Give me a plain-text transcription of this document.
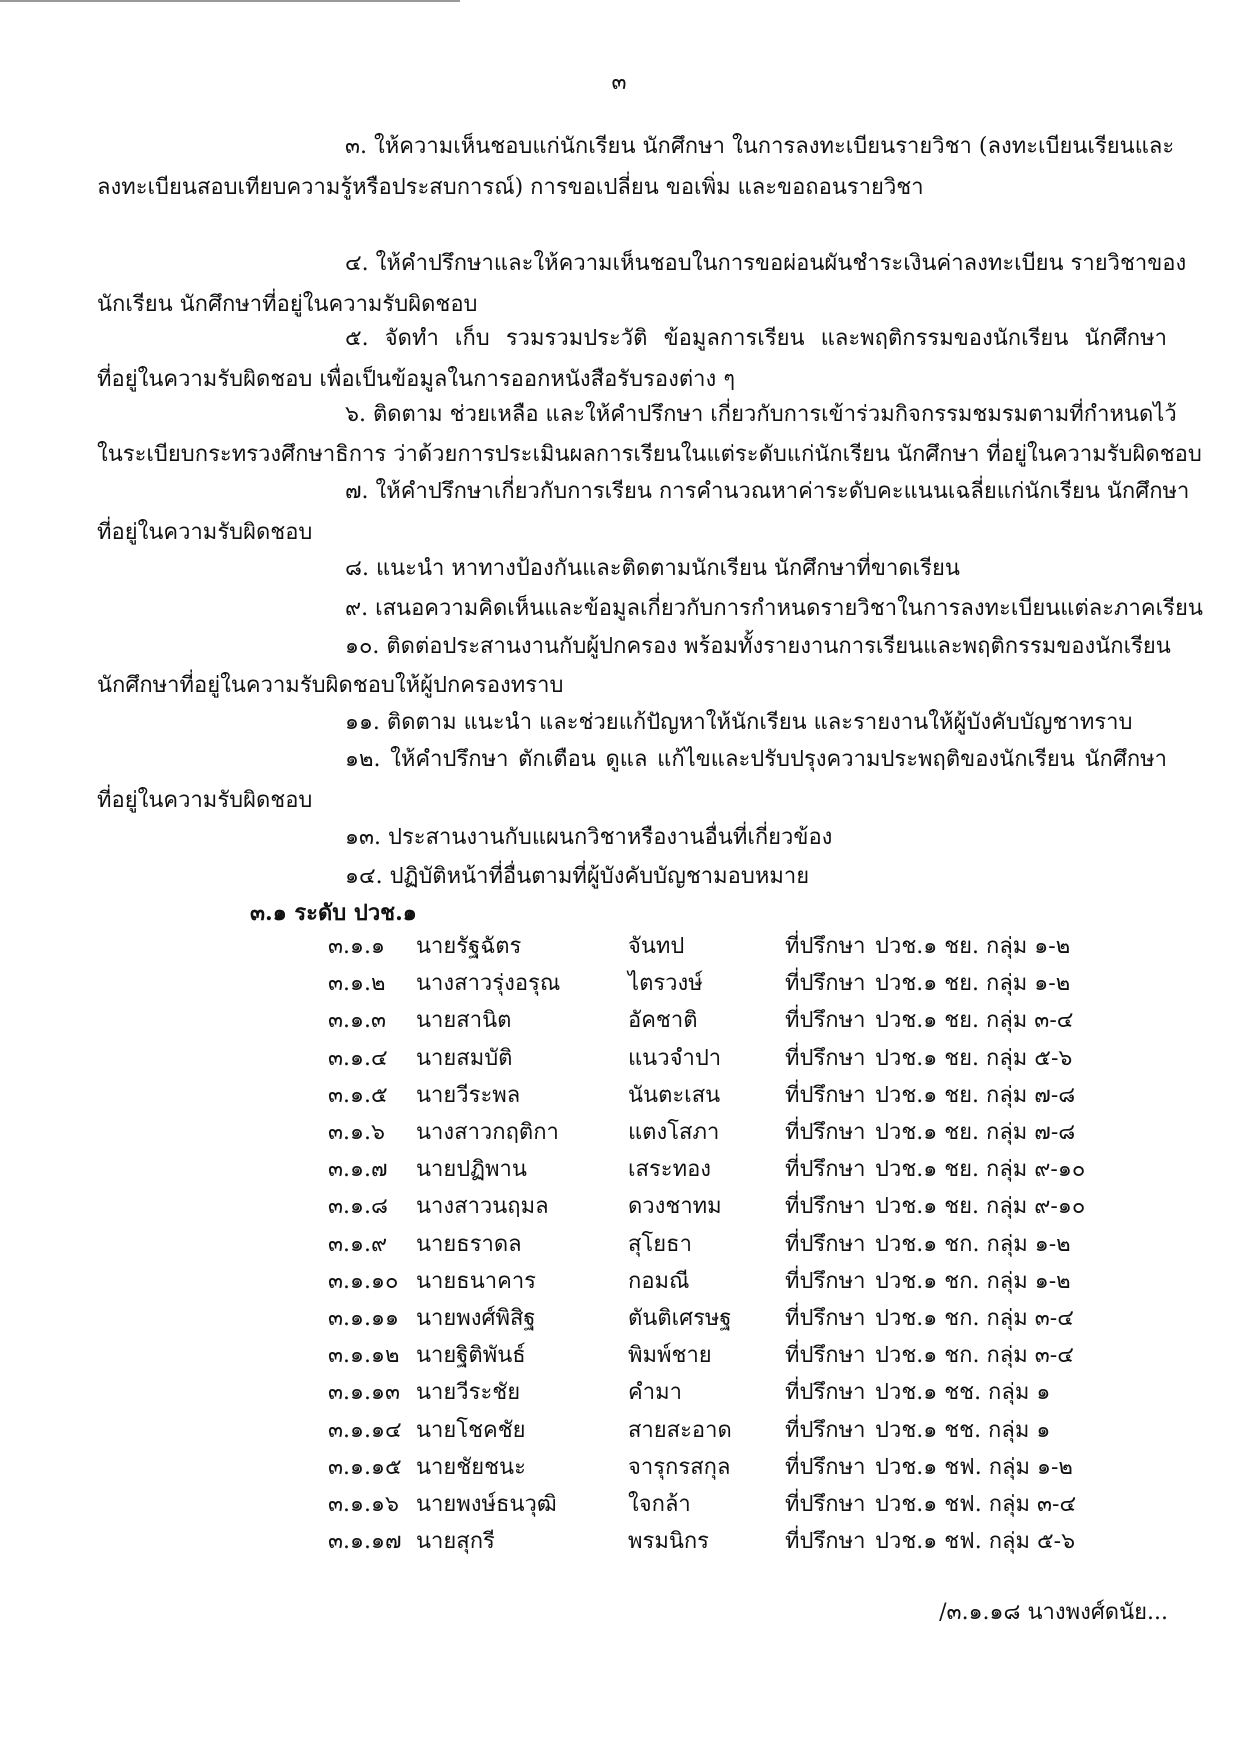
๓
๓. ให้ความเห็นชอบแก่นักเรียน นักศึกษา ในการลงทะเบียนรายวิชา (ลงทะเบียนเรียนและ
ลงทะเบียนสอบเทียบความรู้หรือประสบการณ์) การขอเปลี่ยน ขอเพิ่ม และขอถอนรายวิชา
๔. ให้คำปรึกษาและให้ความเห็นชอบในการขอผ่อนผันชำระเงินค่าลงทะเบียน รายวิชาของ
นักเรียน นักศึกษาที่อยู่ในความรับผิดชอบ
๕. จัดทำ เก็บ รวมรวมประวัติ ข้อมูลการเรียน และพฤติกรรมของนักเรียน นักศึกษา
ที่อยู่ในความรับผิดชอบ เพื่อเป็นข้อมูลในการออกหนังสือรับรองต่าง ๆ
๖. ติดตาม ช่วยเหลือ และให้คำปรึกษา เกี่ยวกับการเข้าร่วมกิจกรรมชมรมตามที่กำหนดไว้
ในระเบียบกระทรวงศึกษาธิการ ว่าด้วยการประเมินผลการเรียนในแต่ระดับแก่นักเรียน นักศึกษา ที่อยู่ในความรับผิดชอบ
๗. ให้คำปรึกษาเกี่ยวกับการเรียน การคำนวณหาค่าระดับคะแนนเฉลี่ยแก่นักเรียน นักศึกษา
ที่อยู่ในความรับผิดชอบ
๘. แนะนำ หาทางป้องกันและติดตามนักเรียน นักศึกษาที่ขาดเรียน
๙. เสนอความคิดเห็นและข้อมูลเกี่ยวกับการกำหนดรายวิชาในการลงทะเบียนแต่ละภาคเรียน
๑๐. ติดต่อประสานงานกับผู้ปกครอง พร้อมทั้งรายงานการเรียนและพฤติกรรมของนักเรียน
นักศึกษาที่อยู่ในความรับผิดชอบให้ผู้ปกครองทราบ
๑๑. ติดตาม แนะนำ และช่วยแก้ปัญหาให้นักเรียน และรายงานให้ผู้บังคับบัญชาทราบ
๑๒. ให้คำปรึกษา ตักเตือน ดูแล แก้ไขและปรับปรุงความประพฤติของนักเรียน นักศึกษา
ที่อยู่ในความรับผิดชอบ
๑๓. ประสานงานกับแผนกวิชาหรืองานอื่นที่เกี่ยวข้อง
๑๔. ปฏิบัติหน้าที่อื่นตามที่ผู้บังคับบัญชามอบหมาย
๓.๑ ระดับ ปวช.๑
๓.๑.๑ นายรัฐฉัตร	จันทป	ที่ปรึกษา ปวช.๑ ชย. กลุ่ม ๑-๒
๓.๑.๒ นางสาวรุ่งอรุณ	ไตรวงษ์	ที่ปรึกษา ปวช.๑ ชย. กลุ่ม ๑-๒
๓.๑.๓ นายสานิต	อัคชาติ	ที่ปรึกษา ปวช.๑ ชย. กลุ่ม ๓-๔
๓.๑.๔ นายสมบัติ	แนวจำปา	ที่ปรึกษา ปวช.๑ ชย. กลุ่ม ๕-๖
๓.๑.๕ นายวีระพล	นันตะเสน	ที่ปรึกษา ปวช.๑ ชย. กลุ่ม ๗-๘
๓.๑.๖ นางสาวกฤติกา	แตงโสภา	ที่ปรึกษา ปวช.๑ ชย. กลุ่ม ๗-๘
๓.๑.๗ นายปฏิพาน	เสระทอง	ที่ปรึกษา ปวช.๑ ชย. กลุ่ม ๙-๑๐
๓.๑.๘ นางสาวนฤมล	ดวงชาทม	ที่ปรึกษา ปวช.๑ ชย. กลุ่ม ๙-๑๐
๓.๑.๙ นายธราดล	สุโยธา	ที่ปรึกษา ปวช.๑ ชก. กลุ่ม ๑-๒
๓.๑.๑๐ นายธนาคาร	กอมณี	ที่ปรึกษา ปวช.๑ ชก. กลุ่ม ๑-๒
๓.๑.๑๑ นายพงศ์พิสิฐ	ตันติเศรษฐ ที่ปรึกษา ปวช.๑ ชก. กลุ่ม ๓-๔
๓.๑.๑๒ นายฐิติพันธ์	พิมพ์ชาย	ที่ปรึกษา ปวช.๑ ชก. กลุ่ม ๓-๔
๓.๑.๑๓ นายวีระชัย	คำมา	ที่ปรึกษา ปวช.๑ ชช. กลุ่ม ๑
๓.๑.๑๔ นายโชคชัย	สายสะอาด ที่ปรึกษา ปวช.๑ ชช. กลุ่ม ๑
๓.๑.๑๕ นายชัยชนะ	จารุกรสกุล ที่ปรึกษา ปวช.๑ ชฟ. กลุ่ม ๑-๒
๓.๑.๑๖ นายพงษ์ธนวุฒิ	ใจกล้า	ที่ปรึกษา ปวช.๑ ชฟ. กลุ่ม ๓-๔
๓.๑.๑๗ นายสุกรี	พรมนิกร	ที่ปรึกษา ปวช.๑ ชฟ. กลุ่ม ๕-๖
/๓.๑.๑๘ นางพงศ์ดนัย...
